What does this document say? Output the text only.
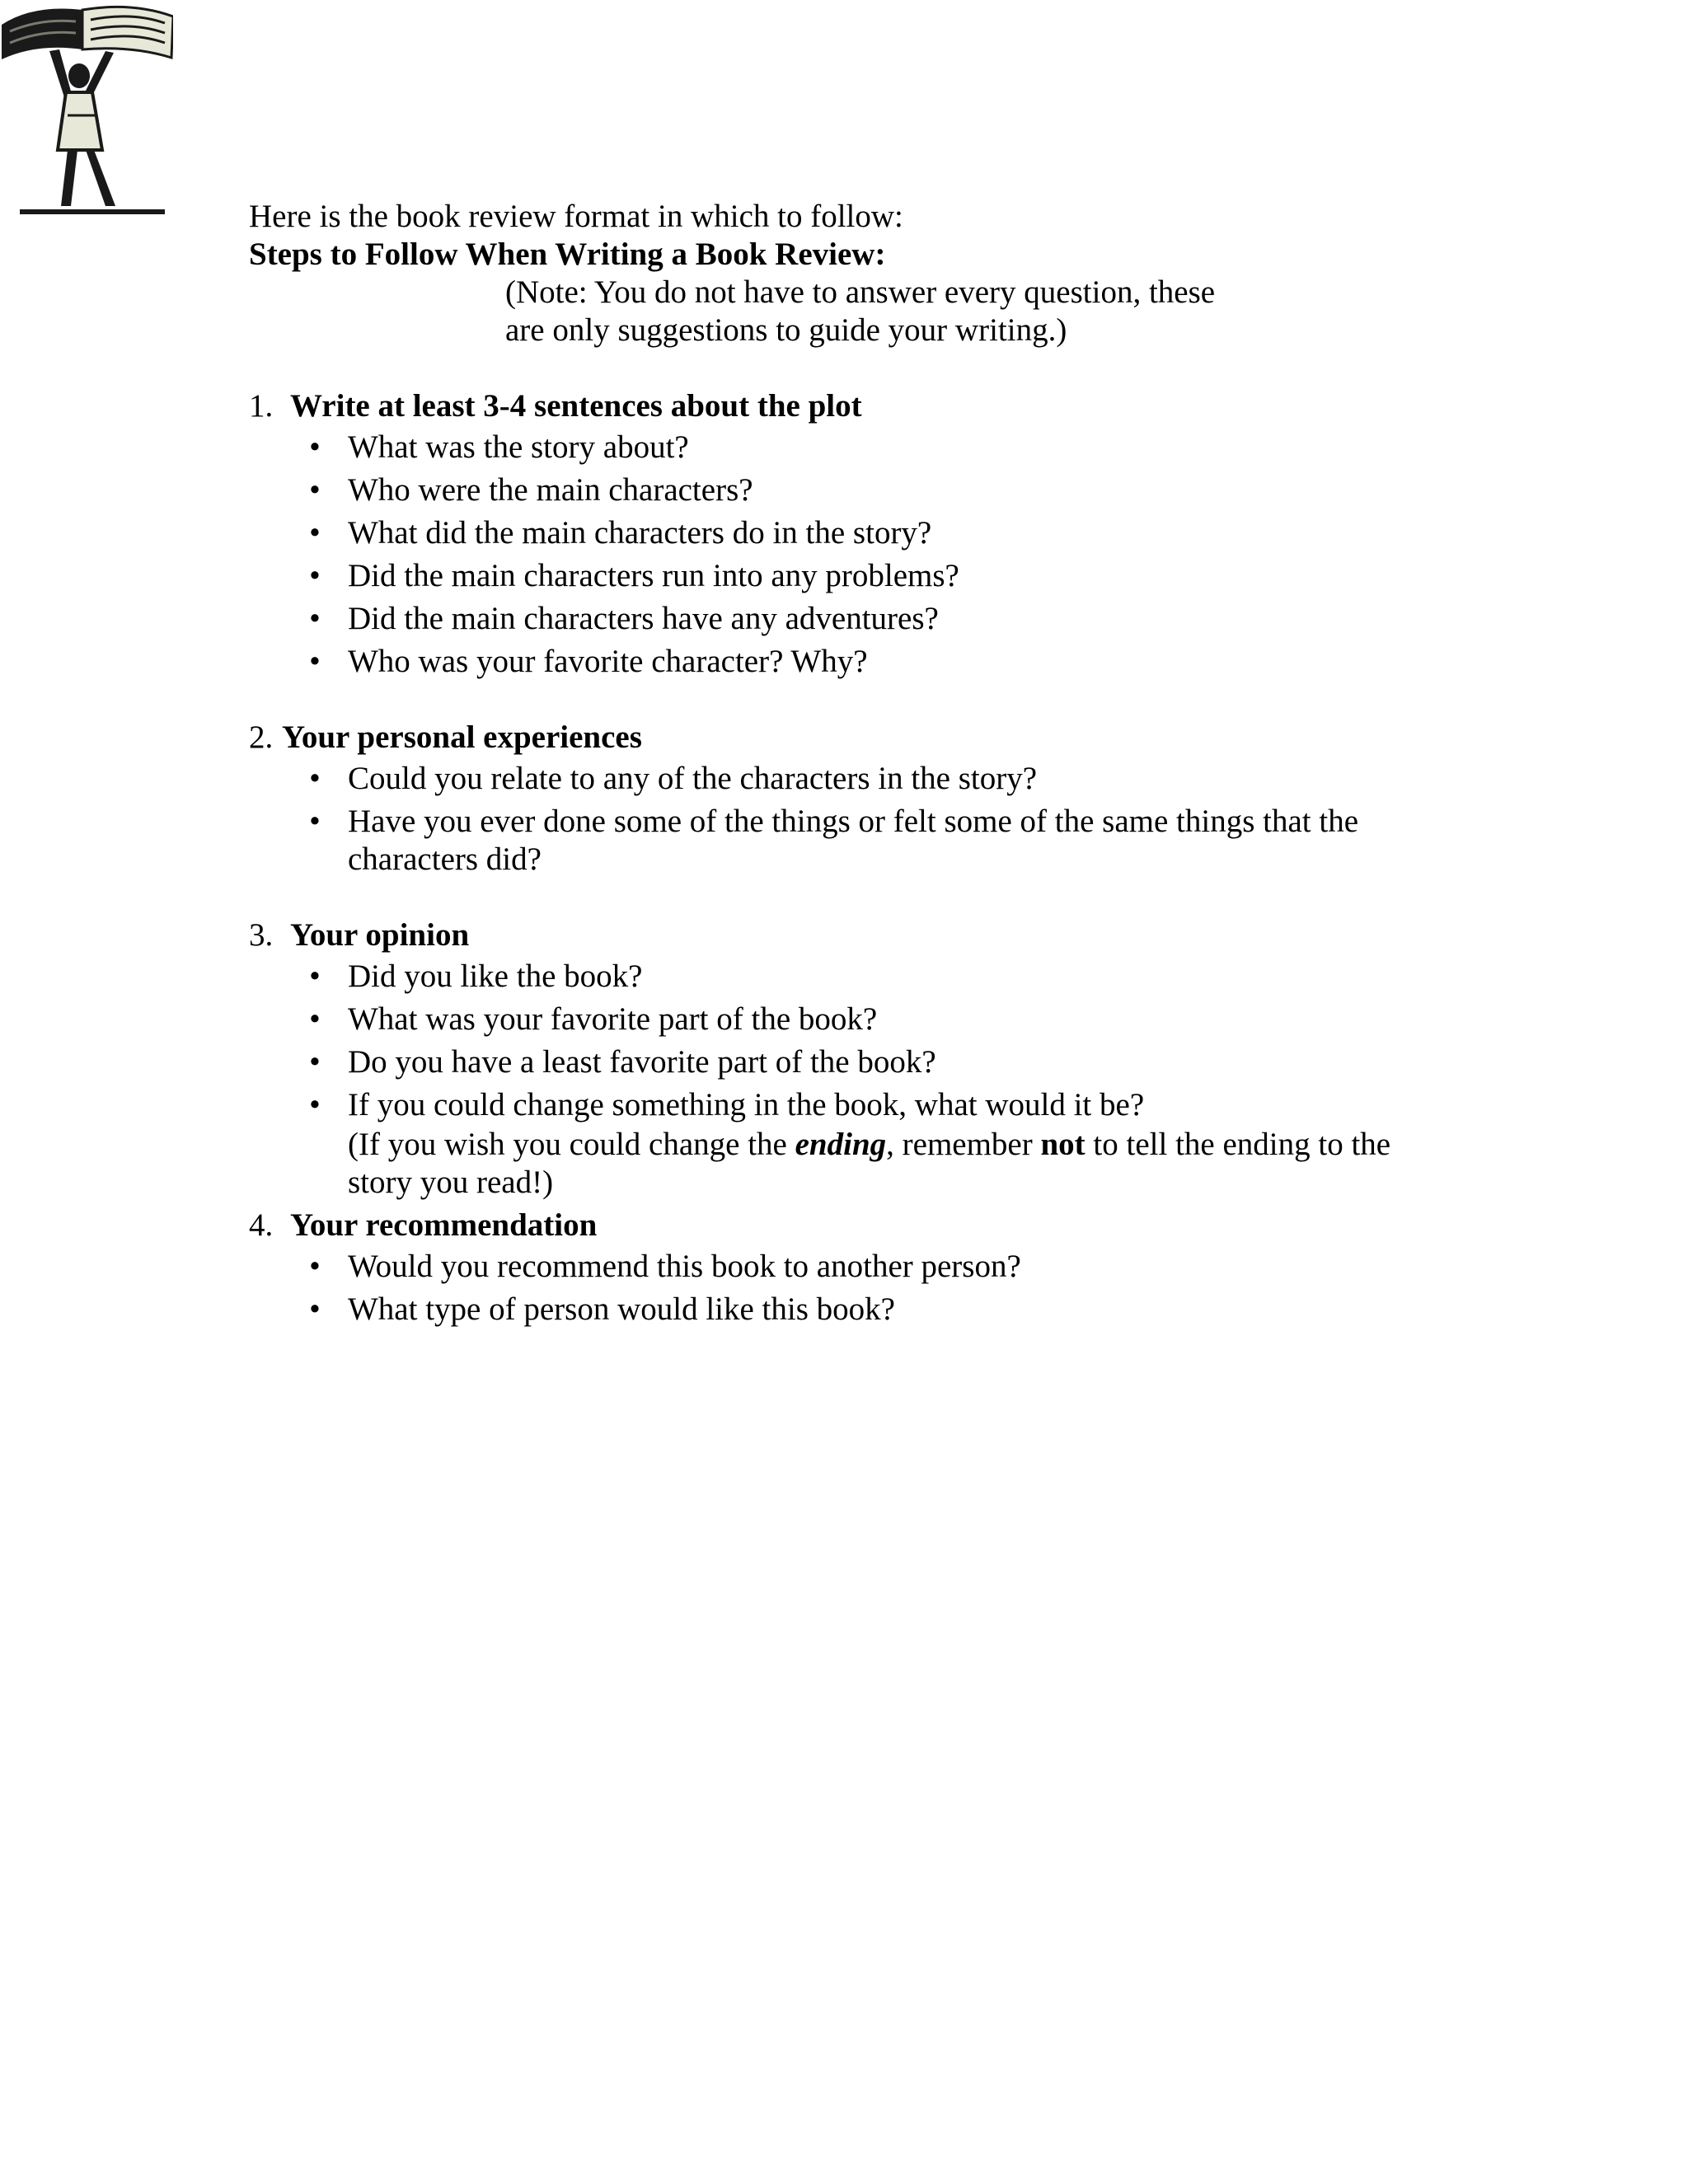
Here is the book review format in which to follow:
Steps to Follow When Writing a Book Review:
(Note: You do not have to answer every question, these
are only suggestions to guide your writing.)
1. Write at least 3-4 sentences about the plot
• What was the story about?
• Who were the main characters?
• What did the main characters do in the story?
• Did the main characters run into any problems?
• Did the main characters have any adventures?
• Who was your favorite character? Why?
2. Your personal experiences
• Could you relate to any of the characters in the story?
• Have you ever done some of the things or felt some of the same things that the
characters did?
3. Your opinion
• Did you like the book?
• What was your favorite part of the book?
• Do you have a least favorite part of the book?
• If you could change something in the book, what would it be?
(If you wish you could change the ending, remember not to tell the ending to the
story you read!)
4. Your recommendation
• Would you recommend this book to another person?
• What type of person would like this book?
